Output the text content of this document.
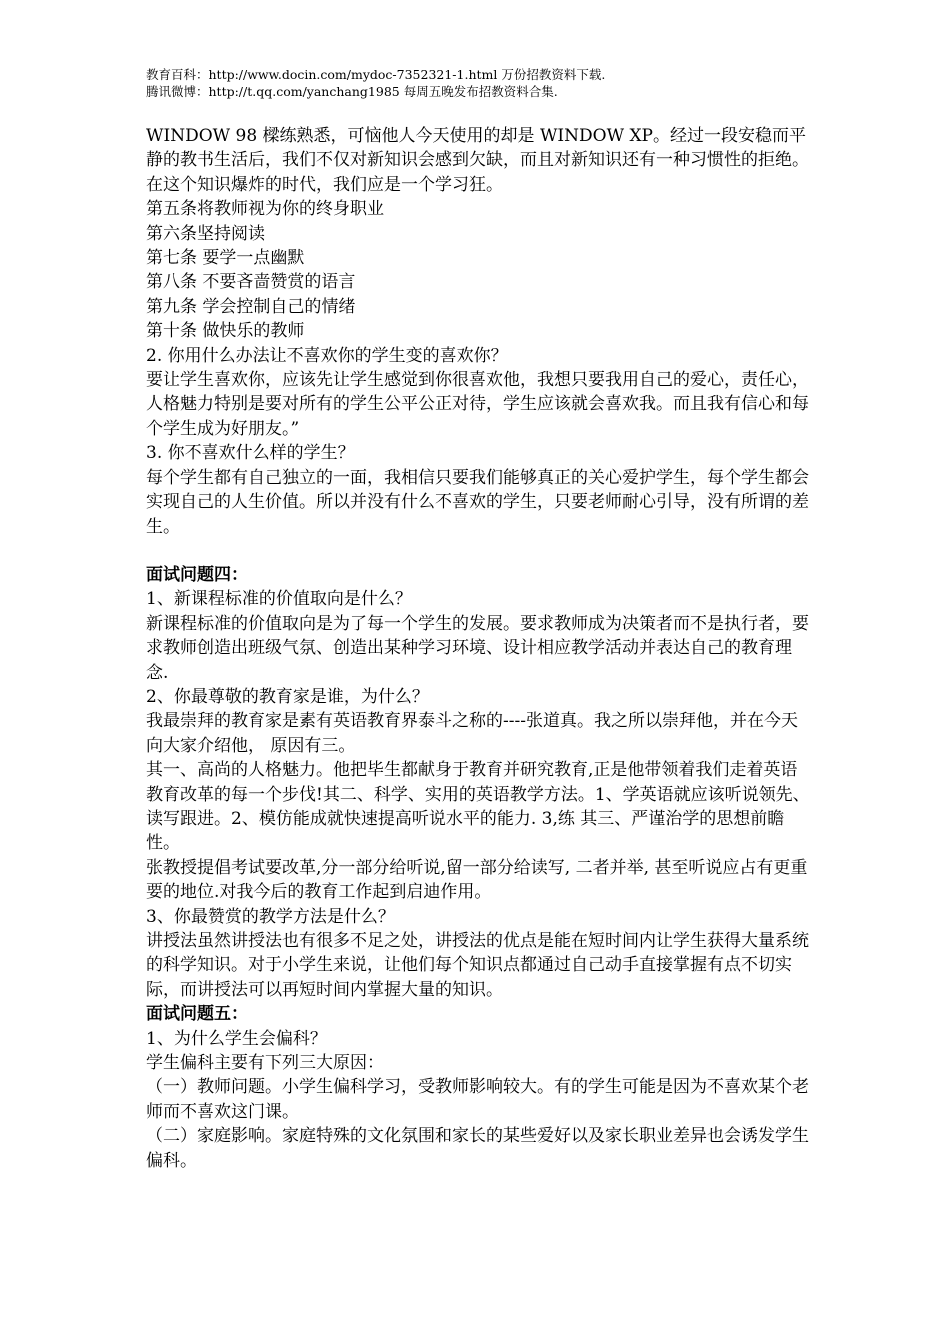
教育百科：http://www.docin.com/mydoc-7352321-1.html 万份招教资料下载.
腾讯微博：http://t.qq.com/yanchang1985 每周五晚发布招教资料合集.

WINDOW 98 樑练熟悉，可恼他人今天使用的却是 WINDOW XP。经过一段安稳而平静的教书生活后，我们不仅对新知识会感到欠缺，而且对新知识还有一种习惯性的拒绝。

在这个知识爆炸的时代，我们应是一个学习狂。

第五条将教师视为你的终身职业

第六条坚持阅读

第七条 要学一点幽默

第八条 不要吝啬赞赏的语言

第九条 学会控制自己的情绪

第十条 做快乐的教师

2. 你用什么办法让不喜欢你的学生变的喜欢你？

要让学生喜欢你，应该先让学生感觉到你很喜欢他，我想只要我用自己的爱心，责任心，人格魅力特别是要对所有的学生公平公正对待，学生应该就会喜欢我。而且我有信心和每个学生成为好朋友。”

3. 你不喜欢什么样的学生？

每个学生都有自己独立的一面，我相信只要我们能够真正的关心爱护学生，每个学生都会实现自己的人生价值。所以并没有什么不喜欢的学生，只要老师耐心引导，没有所谓的差生。

面试问题四：

1、新课程标准的价值取向是什么？

新课程标准的价值取向是为了每一个学生的发展。要求教师成为决策者而不是执行者，要求教师创造出班级气氛、创造出某种学习环境、设计相应教学活动并表达自己的教育理念.

2、你最尊敬的教育家是谁，为什么？

我最崇拜的教育家是素有英语教育界泰斗之称的----张道真。我之所以崇拜他，并在今天向大家介绍他， 原因有三。

其一、高尚的人格魅力。他把毕生都献身于教育并研究教育,正是他带领着我们走着英语教育改革的每一个步伐!其二、科学、实用的英语教学方法。1、学英语就应该听说领先、读写跟进。2、模仿能成就快速提高听说水平的能力. 3,练 其三、严谨治学的思想前瞻性。

张教授提倡考试要改革,分一部分给听说,留一部分给读写, 二者并举, 甚至听说应占有更重要的地位.对我今后的教育工作起到启迪作用。

3、你最赞赏的教学方法是什么？

讲授法虽然讲授法也有很多不足之处，讲授法的优点是能在短时间内让学生获得大量系统的科学知识。对于小学生来说，让他们每个知识点都通过自己动手直接掌握有点不切实际，而讲授法可以再短时间内掌握大量的知识。

面试问题五：

1、为什么学生会偏科？

学生偏科主要有下列三大原因：

（一）教师问题。小学生偏科学习，受教师影响较大。有的学生可能是因为不喜欢某个老师而不喜欢这门课。

（二）家庭影响。家庭特殊的文化氛围和家长的某些爱好以及家长职业差异也会诱发学生偏科。
